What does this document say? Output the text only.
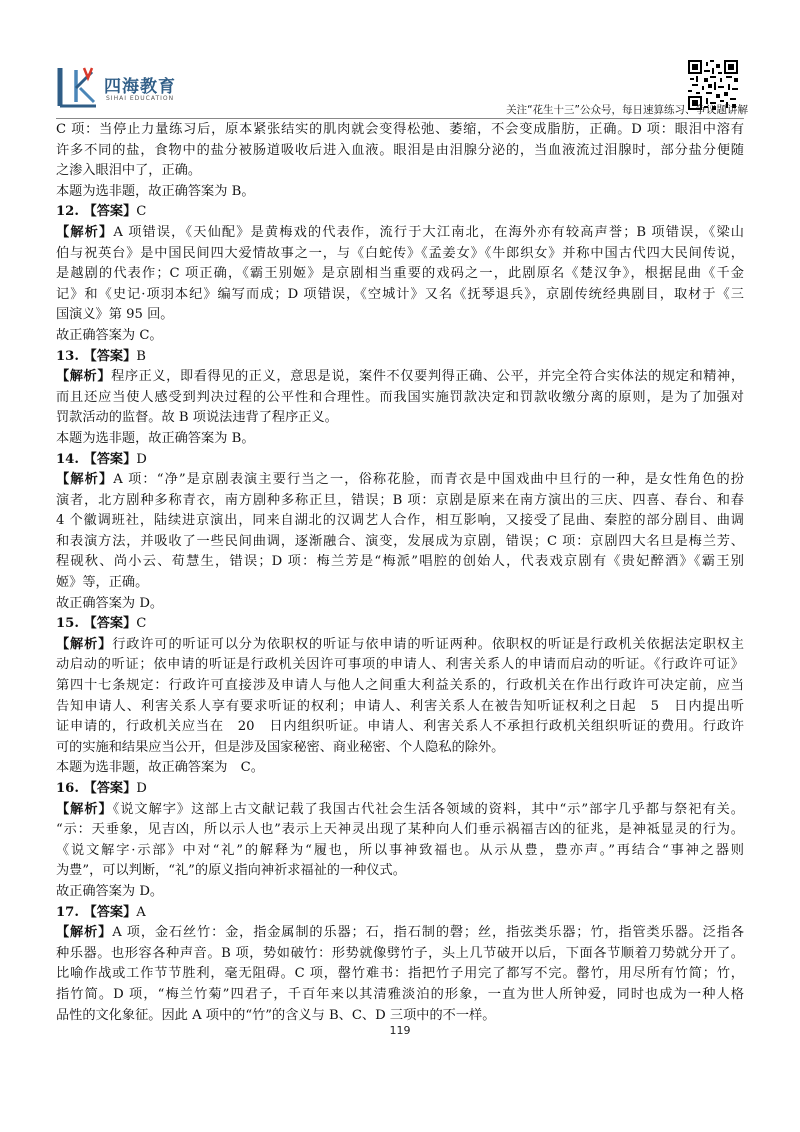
四海教育
SIHAI EDUCATION
关注“花生十三”公众号，每日速算练习、争议题讲解
C 项：当停止力量练习后，原本紧张结实的肌肉就会变得松弛、萎缩，不会变成脂肪，正确。D 项：眼泪中溶有
许多不同的盐，食物中的盐分被肠道吸收后进入血液。眼泪是由泪腺分泌的，当血液流过泪腺时，部分盐分便随
之渗入眼泪中了，正确。
本题为选非题，故正确答案为 B。
12. 【答案】C
【解析】A 项错误，《天仙配》是黄梅戏的代表作，流行于大江南北，在海外亦有较高声誉；B 项错误，《梁山
伯与祝英台》是中国民间四大爱情故事之一，与《白蛇传》《孟姜女》《牛郎织女》并称中国古代四大民间传说，
是越剧的代表作；C 项正确，《霸王别姬》是京剧相当重要的戏码之一，此剧原名《楚汉争》，根据昆曲《千金
记》和《史记·项羽本纪》编写而成；D 项错误，《空城计》又名《抚琴退兵》，京剧传统经典剧目，取材于《三
国演义》第 95 回。
故正确答案为 C。
13. 【答案】B
【解析】程序正义，即看得见的正义，意思是说，案件不仅要判得正确、公平，并完全符合实体法的规定和精神，
而且还应当使人感受到判决过程的公平性和合理性。而我国实施罚款决定和罚款收缴分离的原则，是为了加强对
罚款活动的监督。故 B 项说法违背了程序正义。
本题为选非题，故正确答案为 B。
14. 【答案】D
【解析】A 项：“净”是京剧表演主要行当之一，俗称花脸，而青衣是中国戏曲中旦行的一种，是女性角色的扮
演者，北方剧种多称青衣，南方剧种多称正旦，错误；B 项：京剧是原来在南方演出的三庆、四喜、春台、和春
4 个徽调班社，陆续进京演出，同来自湖北的汉调艺人合作，相互影响，又接受了昆曲、秦腔的部分剧目、曲调
和表演方法，并吸收了一些民间曲调，逐渐融合、演变，发展成为京剧，错误；C 项：京剧四大名旦是梅兰芳、
程砚秋、尚小云、荀慧生，错误；D 项：梅兰芳是“梅派”唱腔的创始人，代表戏京剧有《贵妃醉酒》《霸王别
姬》等，正确。
故正确答案为 D。
15. 【答案】C
【解析】行政许可的听证可以分为依职权的听证与依申请的听证两种。依职权的听证是行政机关依据法定职权主
动启动的听证；依申请的听证是行政机关因许可事项的申请人、利害关系人的申请而启动的听证。《行政许可证》
第四十七条规定：行政许可直接涉及申请人与他人之间重大利益关系的，行政机关在作出行政许可决定前，应当
告知申请人、利害关系人享有要求听证的权利；申请人、利害关系人在被告知听证权利之日起　5　日内提出听
证申请的，行政机关应当在　20　日内组织听证。申请人、利害关系人不承担行政机关组织听证的费用。行政许
可的实施和结果应当公开，但是涉及国家秘密、商业秘密、个人隐私的除外。
本题为选非题，故正确答案为　C。
16. 【答案】D
【解析】《说文解字》这部上古文献记载了我国古代社会生活各领域的资料，其中“示”部字几乎都与祭祀有关。
“示：天垂象，见吉凶，所以示人也”表示上天神灵出现了某种向人们垂示祸福吉凶的征兆，是神祗显灵的行为。
《说文解字·示部》中对“礼”的解释为“履也，所以事神致福也。从示从豊，豊亦声。”再结合“事神之器则
为豊”，可以判断，“礼”的原义指向神祈求福祉的一种仪式。
故正确答案为 D。
17. 【答案】A
【解析】A 项，金石丝竹：金，指金属制的乐器；石，指石制的磬；丝，指弦类乐器；竹，指管类乐器。泛指各
种乐器。也形容各种声音。B 项，势如破竹：形势就像劈竹子，头上几节破开以后，下面各节顺着刀势就分开了。
比喻作战或工作节节胜利，毫无阻碍。C 项，罄竹难书：指把竹子用完了都写不完。罄竹，用尽所有竹简；竹，
指竹简。D 项，“梅兰竹菊”四君子，千百年来以其清雅淡泊的形象，一直为世人所钟爱，同时也成为一种人格
品性的文化象征。因此 A 项中的“竹”的含义与 B、C、D 三项中的不一样。
119
